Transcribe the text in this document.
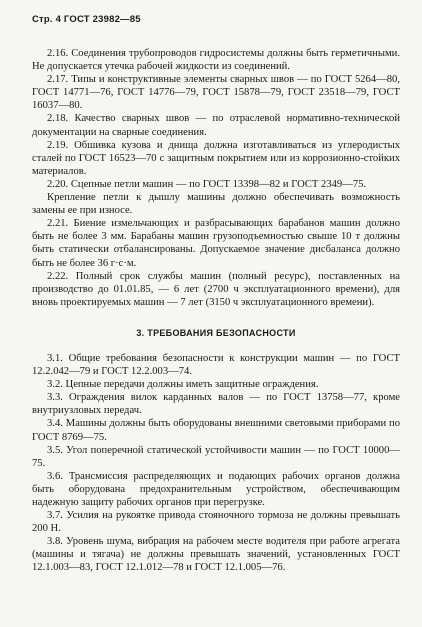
Стр. 4 ГОСТ 23982—85

2.16. Соединения трубопроводов гидросистемы должны быть герметичными. Не допускается утечка рабочей жидкости из соединений.

2.17. Типы и конструктивные элементы сварных швов — по ГОСТ 5264—80, ГОСТ 14771—76, ГОСТ 14776—79, ГОСТ 15878—79, ГОСТ 23518—79, ГОСТ 16037—80.

2.18. Качество сварных швов — по отраслевой нормативно-технической документации на сварные соединения.

2.19. Обшивка кузова и днища должна изготавливаться из углеродистых сталей по ГОСТ 16523—70 с защитным покрытием или из коррозионно-стойких материалов.

2.20. Сцепные петли машин — по ГОСТ 13398—82 и ГОСТ 2349—75.

Крепление петли к дышлу машины должно обеспечивать возможность замены ее при износе.

2.21. Биение измельчающих и разбрасывающих барабанов машин должно быть не более 3 мм. Барабаны машин грузоподъемностью свыше 10 т должны быть статически отбалансированы. Допускаемое значение дисбаланса должно быть не более 36 г·с·м.

2.22. Полный срок службы машин (полный ресурс), поставленных на производство до 01.01.85, — 6 лет (2700 ч эксплуатационного времени), для вновь проектируемых машин — 7 лет (3150 ч эксплуатационного времени).

3. ТРЕБОВАНИЯ БЕЗОПАСНОСТИ

3.1. Общие требования безопасности к конструкции машин — по ГОСТ 12.2.042—79 и ГОСТ 12.2.003—74.

3.2. Цепные передачи должны иметь защитные ограждения.

3.3. Ограждения вилок карданных валов — по ГОСТ 13758—77, кроме внутриузловых передач.

3.4. Машины должны быть оборудованы внешними световыми приборами по ГОСТ 8769—75.

3.5. Угол поперечной статической устойчивости машин — по ГОСТ 10000—75.

3.6. Трансмиссия распределяющих и подающих рабочих органов должна быть оборудована предохранительным устройством, обеспечивающим надежную защиту рабочих органов при перегрузке.

3.7. Усилия на рукоятке привода стояночного тормоза не должны превышать 200 Н.

3.8. Уровень шума, вибрация на рабочем месте водителя при работе агрегата (машины и тягача) не должны превышать значений, установленных ГОСТ 12.1.003—83, ГОСТ 12.1.012—78 и ГОСТ 12.1.005—76.
